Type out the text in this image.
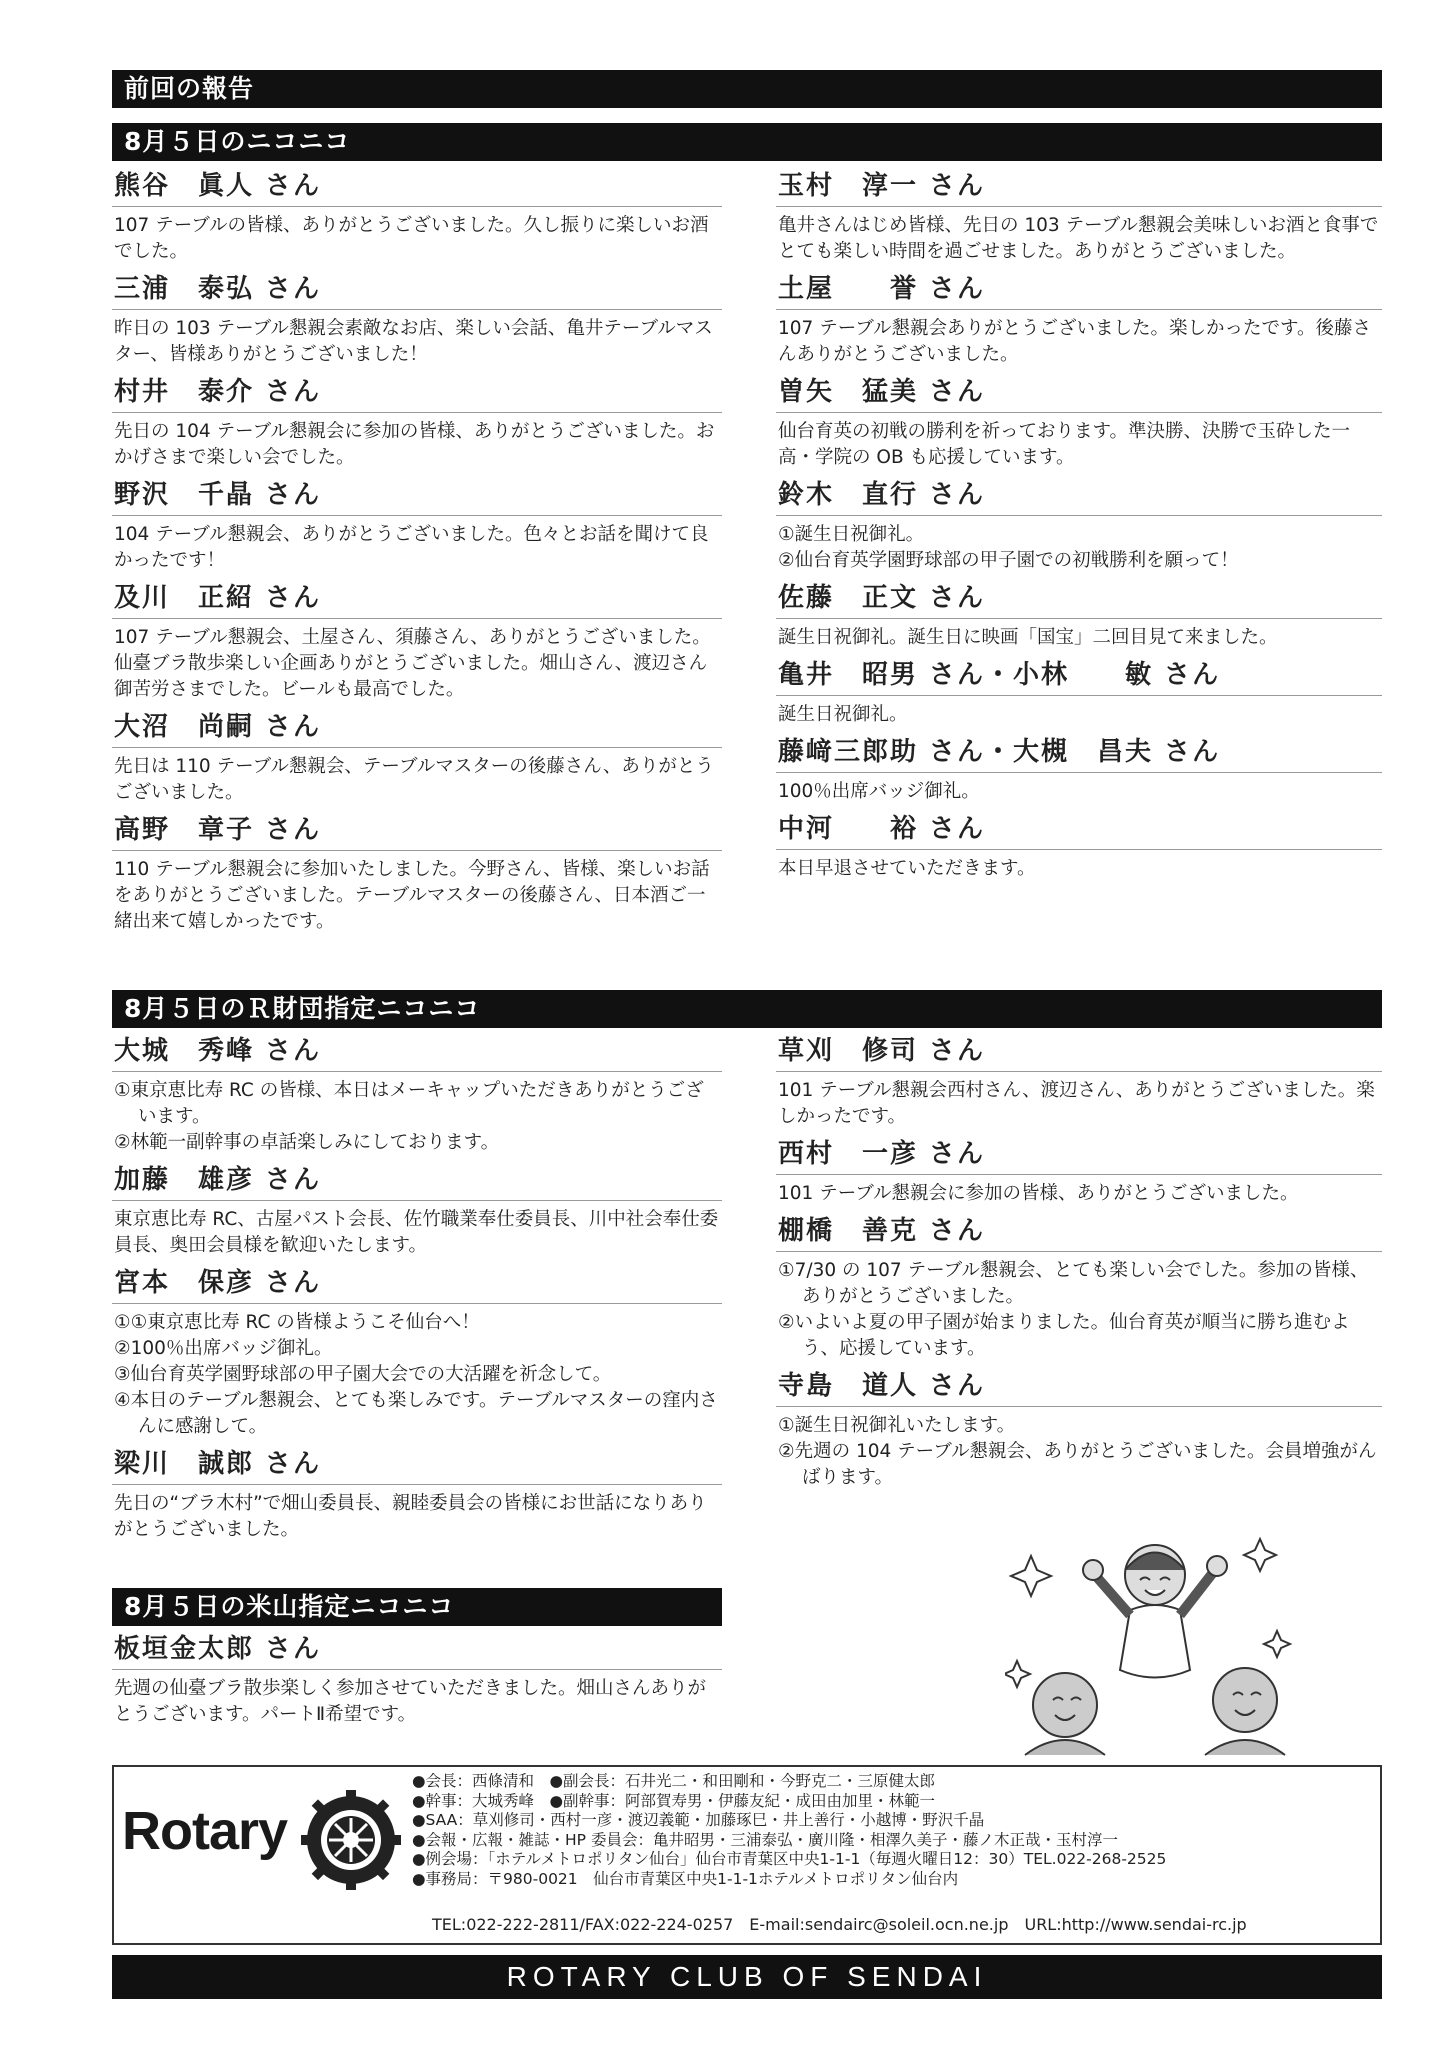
前回の報告
8月５日のニコニコ
熊谷　眞人 さん
107 テーブルの皆様、ありがとうございました。久し振りに楽しいお酒でした。
三浦　泰弘 さん
昨日の 103 テーブル懇親会素敵なお店、楽しい会話、亀井テーブルマスター、皆様ありがとうございました！
村井　泰介 さん
先日の 104 テーブル懇親会に参加の皆様、ありがとうございました。おかげさまで楽しい会でした。
野沢　千晶 さん
104 テーブル懇親会、ありがとうございました。色々とお話を聞けて良かったです！
及川　正紹 さん
107 テーブル懇親会、土屋さん、須藤さん、ありがとうございました。仙臺ブラ散歩楽しい企画ありがとうございました。畑山さん、渡辺さん御苦労さまでした。ビールも最高でした。
大沼　尚嗣 さん
先日は 110 テーブル懇親会、テーブルマスターの後藤さん、ありがとうございました。
高野　章子 さん
110 テーブル懇親会に参加いたしました。今野さん、皆様、楽しいお話をありがとうございました。テーブルマスターの後藤さん、日本酒ご一緒出来て嬉しかったです。
玉村　淳一 さん
亀井さんはじめ皆様、先日の 103 テーブル懇親会美味しいお酒と食事でとても楽しい時間を過ごせました。ありがとうございました。
土屋　　誉 さん
107 テーブル懇親会ありがとうございました。楽しかったです。後藤さんありがとうございました。
曽矢　猛美 さん
仙台育英の初戦の勝利を祈っております。準決勝、決勝で玉砕した一高・学院の OB も応援しています。
鈴木　直行 さん
①誕生日祝御礼。
②仙台育英学園野球部の甲子園での初戦勝利を願って！
佐藤　正文 さん
誕生日祝御礼。誕生日に映画「国宝」二回目見て来ました。
亀井　昭男 さん・小林　　敏 さん
誕生日祝御礼。
藤﨑三郎助 さん・大槻　昌夫 さん
100％出席バッジ御礼。
中河　　裕 さん
本日早退させていただきます。
8月５日のＲ財団指定ニコニコ
大城　秀峰 さん
①東京恵比寿 RC の皆様、本日はメーキャップいただきありがとうございます。
②林範一副幹事の卓話楽しみにしております。
加藤　雄彦 さん
東京恵比寿 RC、古屋パスト会長、佐竹職業奉仕委員長、川中社会奉仕委員長、奥田会員様を歓迎いたします。
宮本　保彦 さん
①①東京恵比寿 RC の皆様ようこそ仙台へ！
②100％出席バッジ御礼。
③仙台育英学園野球部の甲子園大会での大活躍を祈念して。
④本日のテーブル懇親会、とても楽しみです。テーブルマスターの窪内さんに感謝して。
梁川　誠郎 さん
先日の“ブラ木村”で畑山委員長、親睦委員会の皆様にお世話になりありがとうございました。
草刈　修司 さん
101 テーブル懇親会西村さん、渡辺さん、ありがとうございました。楽しかったです。
西村　一彦 さん
101 テーブル懇親会に参加の皆様、ありがとうございました。
棚橋　善克 さん
①7/30 の 107 テーブル懇親会、とても楽しい会でした。参加の皆様、ありがとうございました。
②いよいよ夏の甲子園が始まりました。仙台育英が順当に勝ち進むよう、応援しています。
寺島　道人 さん
①誕生日祝御礼いたします。
②先週の 104 テーブル懇親会、ありがとうございました。会員増強がんばります。
8月５日の米山指定ニコニコ
板垣金太郎 さん
先週の仙臺ブラ散歩楽しく参加させていただきました。畑山さんありがとうございます。パートⅡ希望です。
Rotary
●会長：西條清和　●副会長：石井光二・和田剛和・今野克二・三原健太郎
●幹事：大城秀峰　●副幹事：阿部賀寿男・伊藤友紀・成田由加里・林範一
●SAA：草刈修司・西村一彦・渡辺義範・加藤琢巳・井上善行・小越博・野沢千晶
●会報・広報・雑誌・HP 委員会：亀井昭男・三浦泰弘・廣川隆・相澤久美子・藤ノ木正哉・玉村淳一
●例会場：「ホテルメトロポリタン仙台」仙台市青葉区中央1-1-1（毎週火曜日12：30）TEL.022-268-2525
●事務局：〒980-0021　仙台市青葉区中央1-1-1ホテルメトロポリタン仙台内
TEL:022-222-2811/FAX:022-224-0257　E-mail:sendairc@soleil.ocn.ne.jp　URL:http://www.sendai-rc.jp
ROTARY CLUB OF SENDAI
